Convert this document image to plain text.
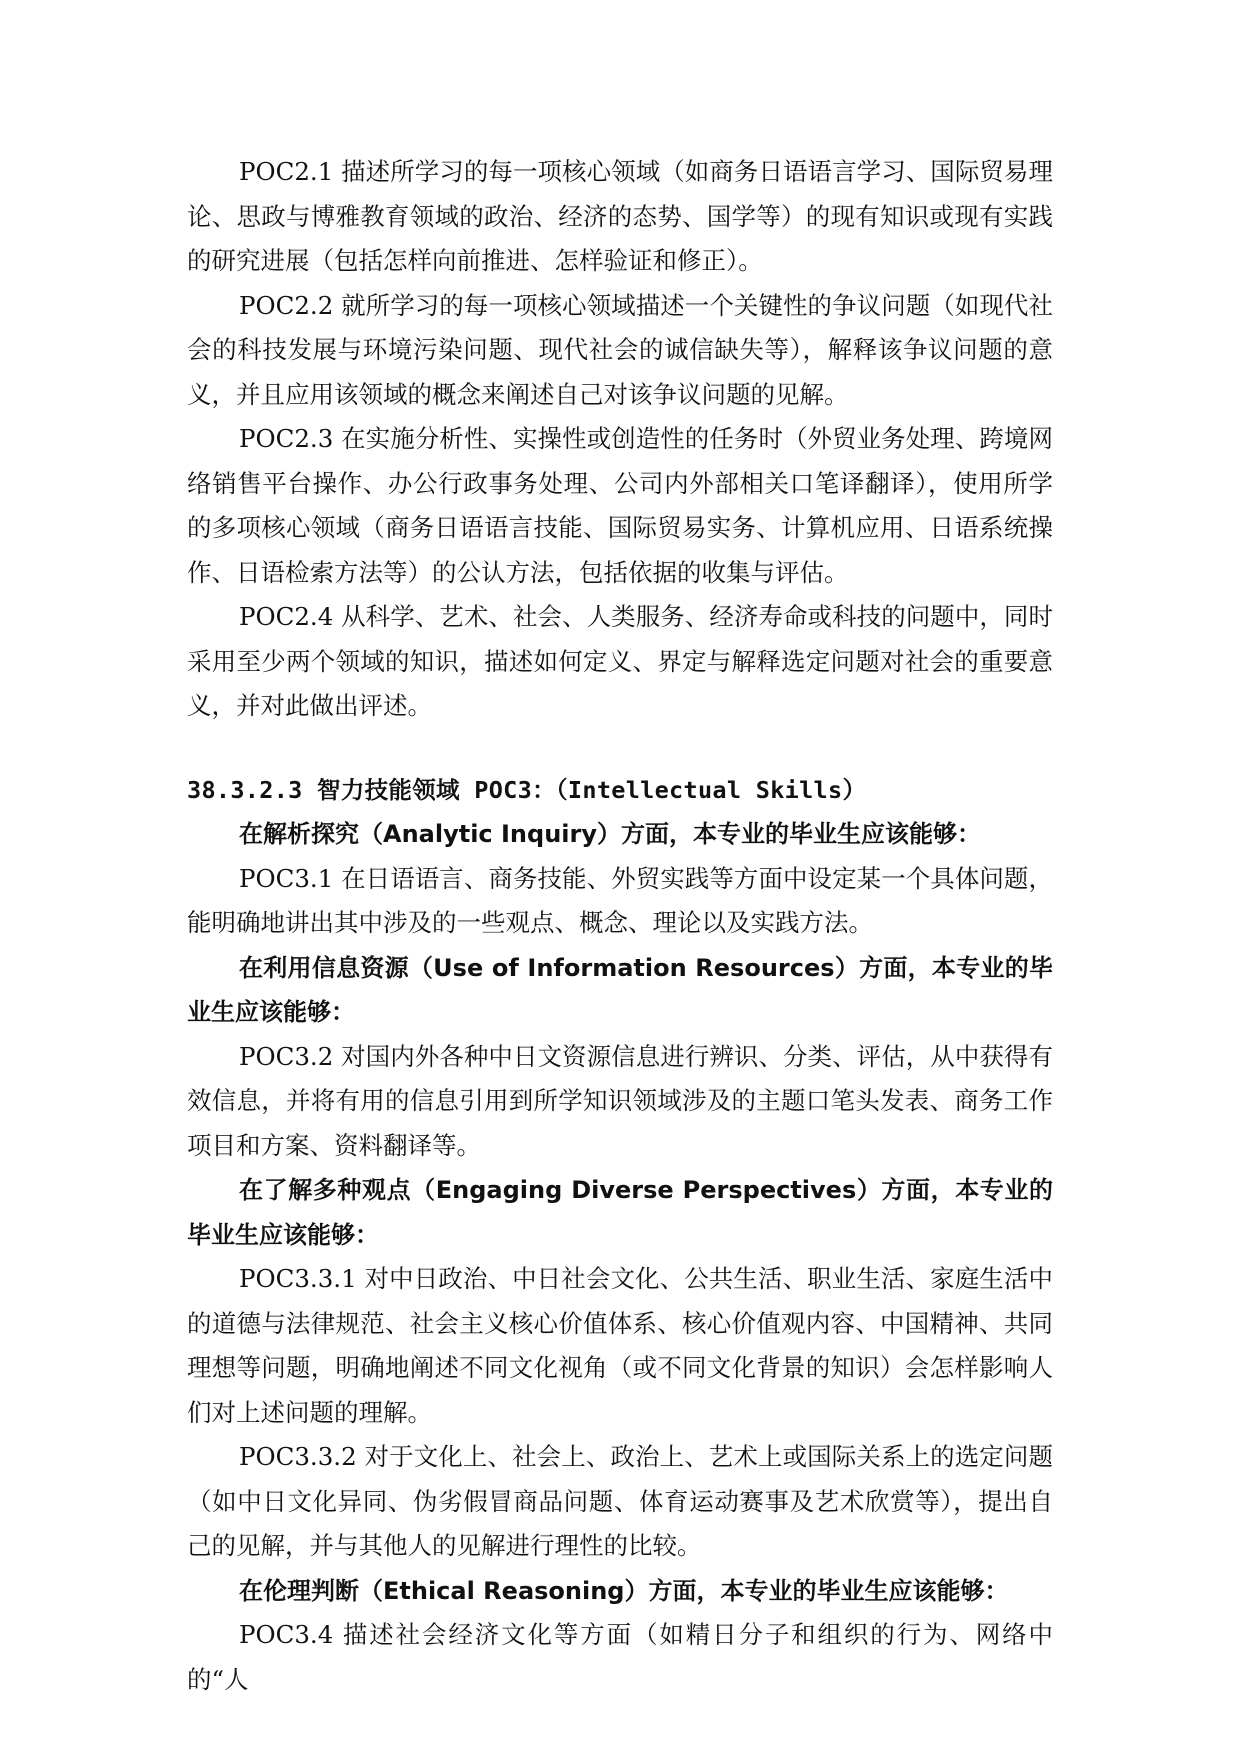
POC2.1 描述所学习的每一项核心领域（如商务日语语言学习、国际贸易理论、思政与博雅教育领域的政治、经济的态势、国学等）的现有知识或现有实践的研究进展（包括怎样向前推进、怎样验证和修正）。

POC2.2 就所学习的每一项核心领域描述一个关键性的争议问题（如现代社会的科技发展与环境污染问题、现代社会的诚信缺失等），解释该争议问题的意义，并且应用该领域的概念来阐述自己对该争议问题的见解。

POC2.3 在实施分析性、实操性或创造性的任务时（外贸业务处理、跨境网络销售平台操作、办公行政事务处理、公司内外部相关口笔译翻译），使用所学的多项核心领域（商务日语语言技能、国际贸易实务、计算机应用、日语系统操作、日语检索方法等）的公认方法，包括依据的收集与评估。

POC2.4 从科学、艺术、社会、人类服务、经济寿命或科技的问题中，同时采用至少两个领域的知识，描述如何定义、界定与解释选定问题对社会的重要意义，并对此做出评述。

38.3.2.3 智力技能领域 POC3：（Intellectual Skills）

在解析探究（Analytic Inquiry）方面，本专业的毕业生应该能够：

POC3.1 在日语语言、商务技能、外贸实践等方面中设定某一个具体问题，能明确地讲出其中涉及的一些观点、概念、理论以及实践方法。

在利用信息资源（Use of Information Resources）方面，本专业的毕业生应该能够：

POC3.2 对国内外各种中日文资源信息进行辨识、分类、评估，从中获得有效信息，并将有用的信息引用到所学知识领域涉及的主题口笔头发表、商务工作项目和方案、资料翻译等。

在了解多种观点（Engaging Diverse Perspectives）方面，本专业的毕业生应该能够：

POC3.3.1 对中日政治、中日社会文化、公共生活、职业生活、家庭生活中的道德与法律规范、社会主义核心价值体系、核心价值观内容、中国精神、共同理想等问题，明确地阐述不同文化视角（或不同文化背景的知识）会怎样影响人们对上述问题的理解。

POC3.3.2 对于文化上、社会上、政治上、艺术上或国际关系上的选定问题（如中日文化异同、伪劣假冒商品问题、体育运动赛事及艺术欣赏等），提出自己的见解，并与其他人的见解进行理性的比较。

在伦理判断（Ethical Reasoning）方面，本专业的毕业生应该能够：

POC3.4 描述社会经济文化等方面（如精日分子和组织的行为、网络中的“人
